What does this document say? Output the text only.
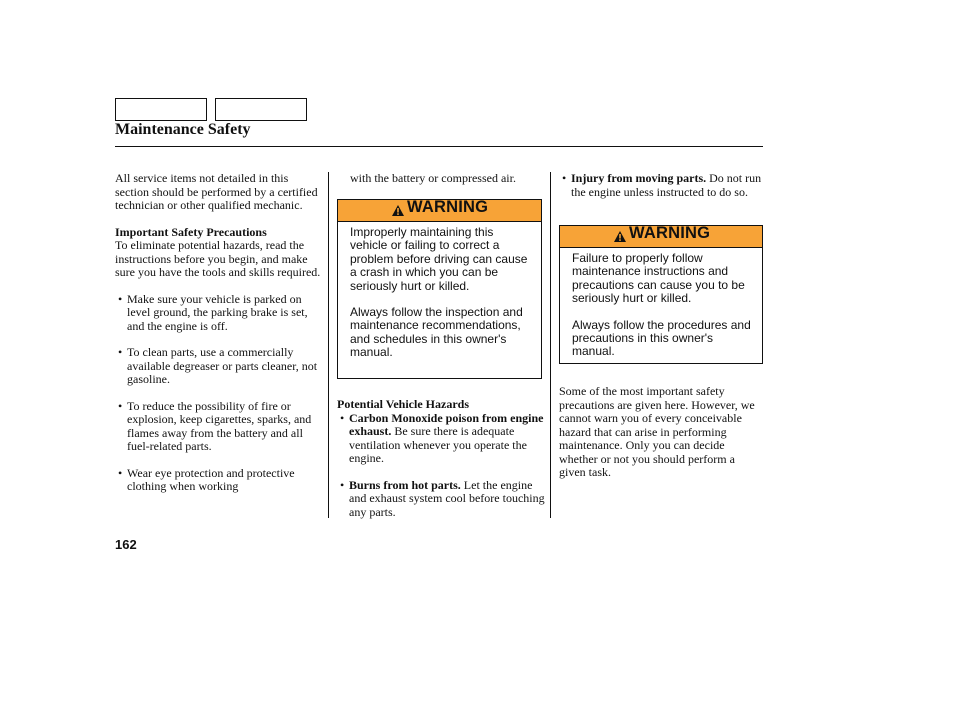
Maintenance Safety

All service items not detailed in this section should be performed by a certified technician or other qualified mechanic.

Important Safety Precautions

To eliminate potential hazards, read the instructions before you begin, and make sure you have the tools and skills required.

• Make sure your vehicle is parked on level ground, the parking brake is set, and the engine is off.

• To clean parts, use a commercially available degreaser or parts cleaner, not gasoline.

• To reduce the possibility of fire or explosion, keep cigarettes, sparks, and flames away from the battery and all fuel-related parts.

• Wear eye protection and protective clothing when working

with the battery or compressed air.

WARNING

Improperly maintaining this vehicle or failing to correct a problem before driving can cause a crash in which you can be seriously hurt or killed.

Always follow the inspection and maintenance recommendations, and schedules in this owner's manual.

Potential Vehicle Hazards

• Carbon Monoxide poison from engine exhaust. Be sure there is adequate ventilation whenever you operate the engine.

• Burns from hot parts. Let the engine and exhaust system cool before touching any parts.

• Injury from moving parts. Do not run the engine unless instructed to do so.

WARNING

Failure to properly follow maintenance instructions and precautions can cause you to be seriously hurt or killed.

Always follow the procedures and precautions in this owner's manual.

Some of the most important safety precautions are given here. However, we cannot warn you of every conceivable hazard that can arise in performing maintenance. Only you can decide whether or not you should perform a given task.

162
